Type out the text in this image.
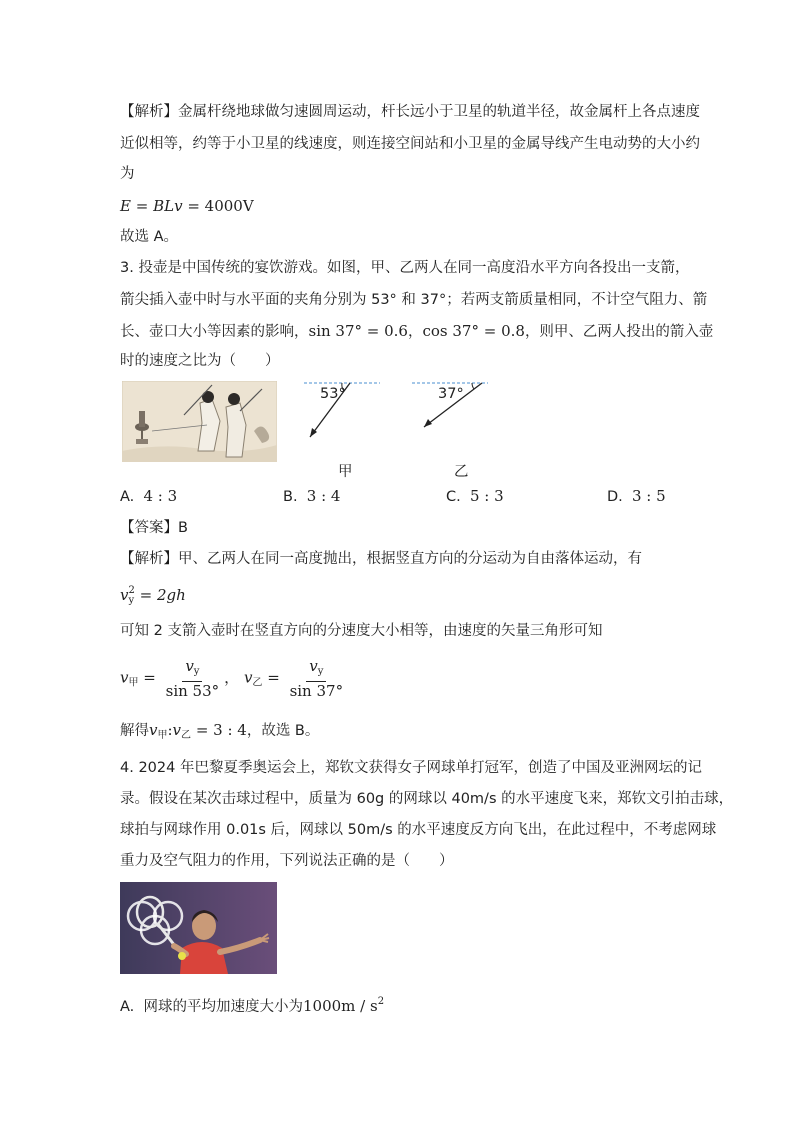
【解析】金属杆绕地球做匀速圆周运动，杆长远小于卫星的轨道半径，故金属杆上各点速度
近似相等，约等于小卫星的线速度，则连接空间站和小卫星的金属导线产生电动势的大小约
为
E = BLv = 4000V
故选 A。
3. 投壶是中国传统的宴饮游戏。如图，甲、乙两人在同一高度沿水平方向各投出一支箭，
箭尖插入壶中时与水平面的夹角分别为 53° 和 37°；若两支箭质量相同，不计空气阻力、箭
长、壶口大小等因素的影响，sin 37° = 0.6，cos 37° = 0.8，则甲、乙两人投出的箭入壶
时的速度之比为（　　）
53°
甲
37°
乙
A. 4 : 3	B. 3 : 4	C. 5 : 3	D. 3 : 5
【答案】B
【解析】甲、乙两人在同一高度抛出，根据竖直方向的分运动为自由落体运动，有
v 2
y = 2gh
可知 2 支箭入壶时在竖直方向的分速度大小相等，由速度的矢量三角形可知
$v_甲 = \frac{v_y}{\sin 53^\circ}$ ， $v_乙 = \frac{v_y}{\sin 37^\circ}$
解得$v_甲:v_乙 = 3$ : 4，故选 B。
4. 2024 年巴黎夏季奥运会上，郑钦文获得女子网球单打冠军，创造了中国及亚洲网坛的记
录。假设在某次击球过程中，质量为 60g 的网球以 40m/s 的水平速度飞来，郑钦文引拍击球，
球拍与网球作用 0.01s 后，网球以 50m/s 的水平速度反方向飞出，在此过程中，不考虑网球
重力及空气阻力的作用，下列说法正确的是（　　）
A. 网球的平均加速度大小为$1000m / s^2$
